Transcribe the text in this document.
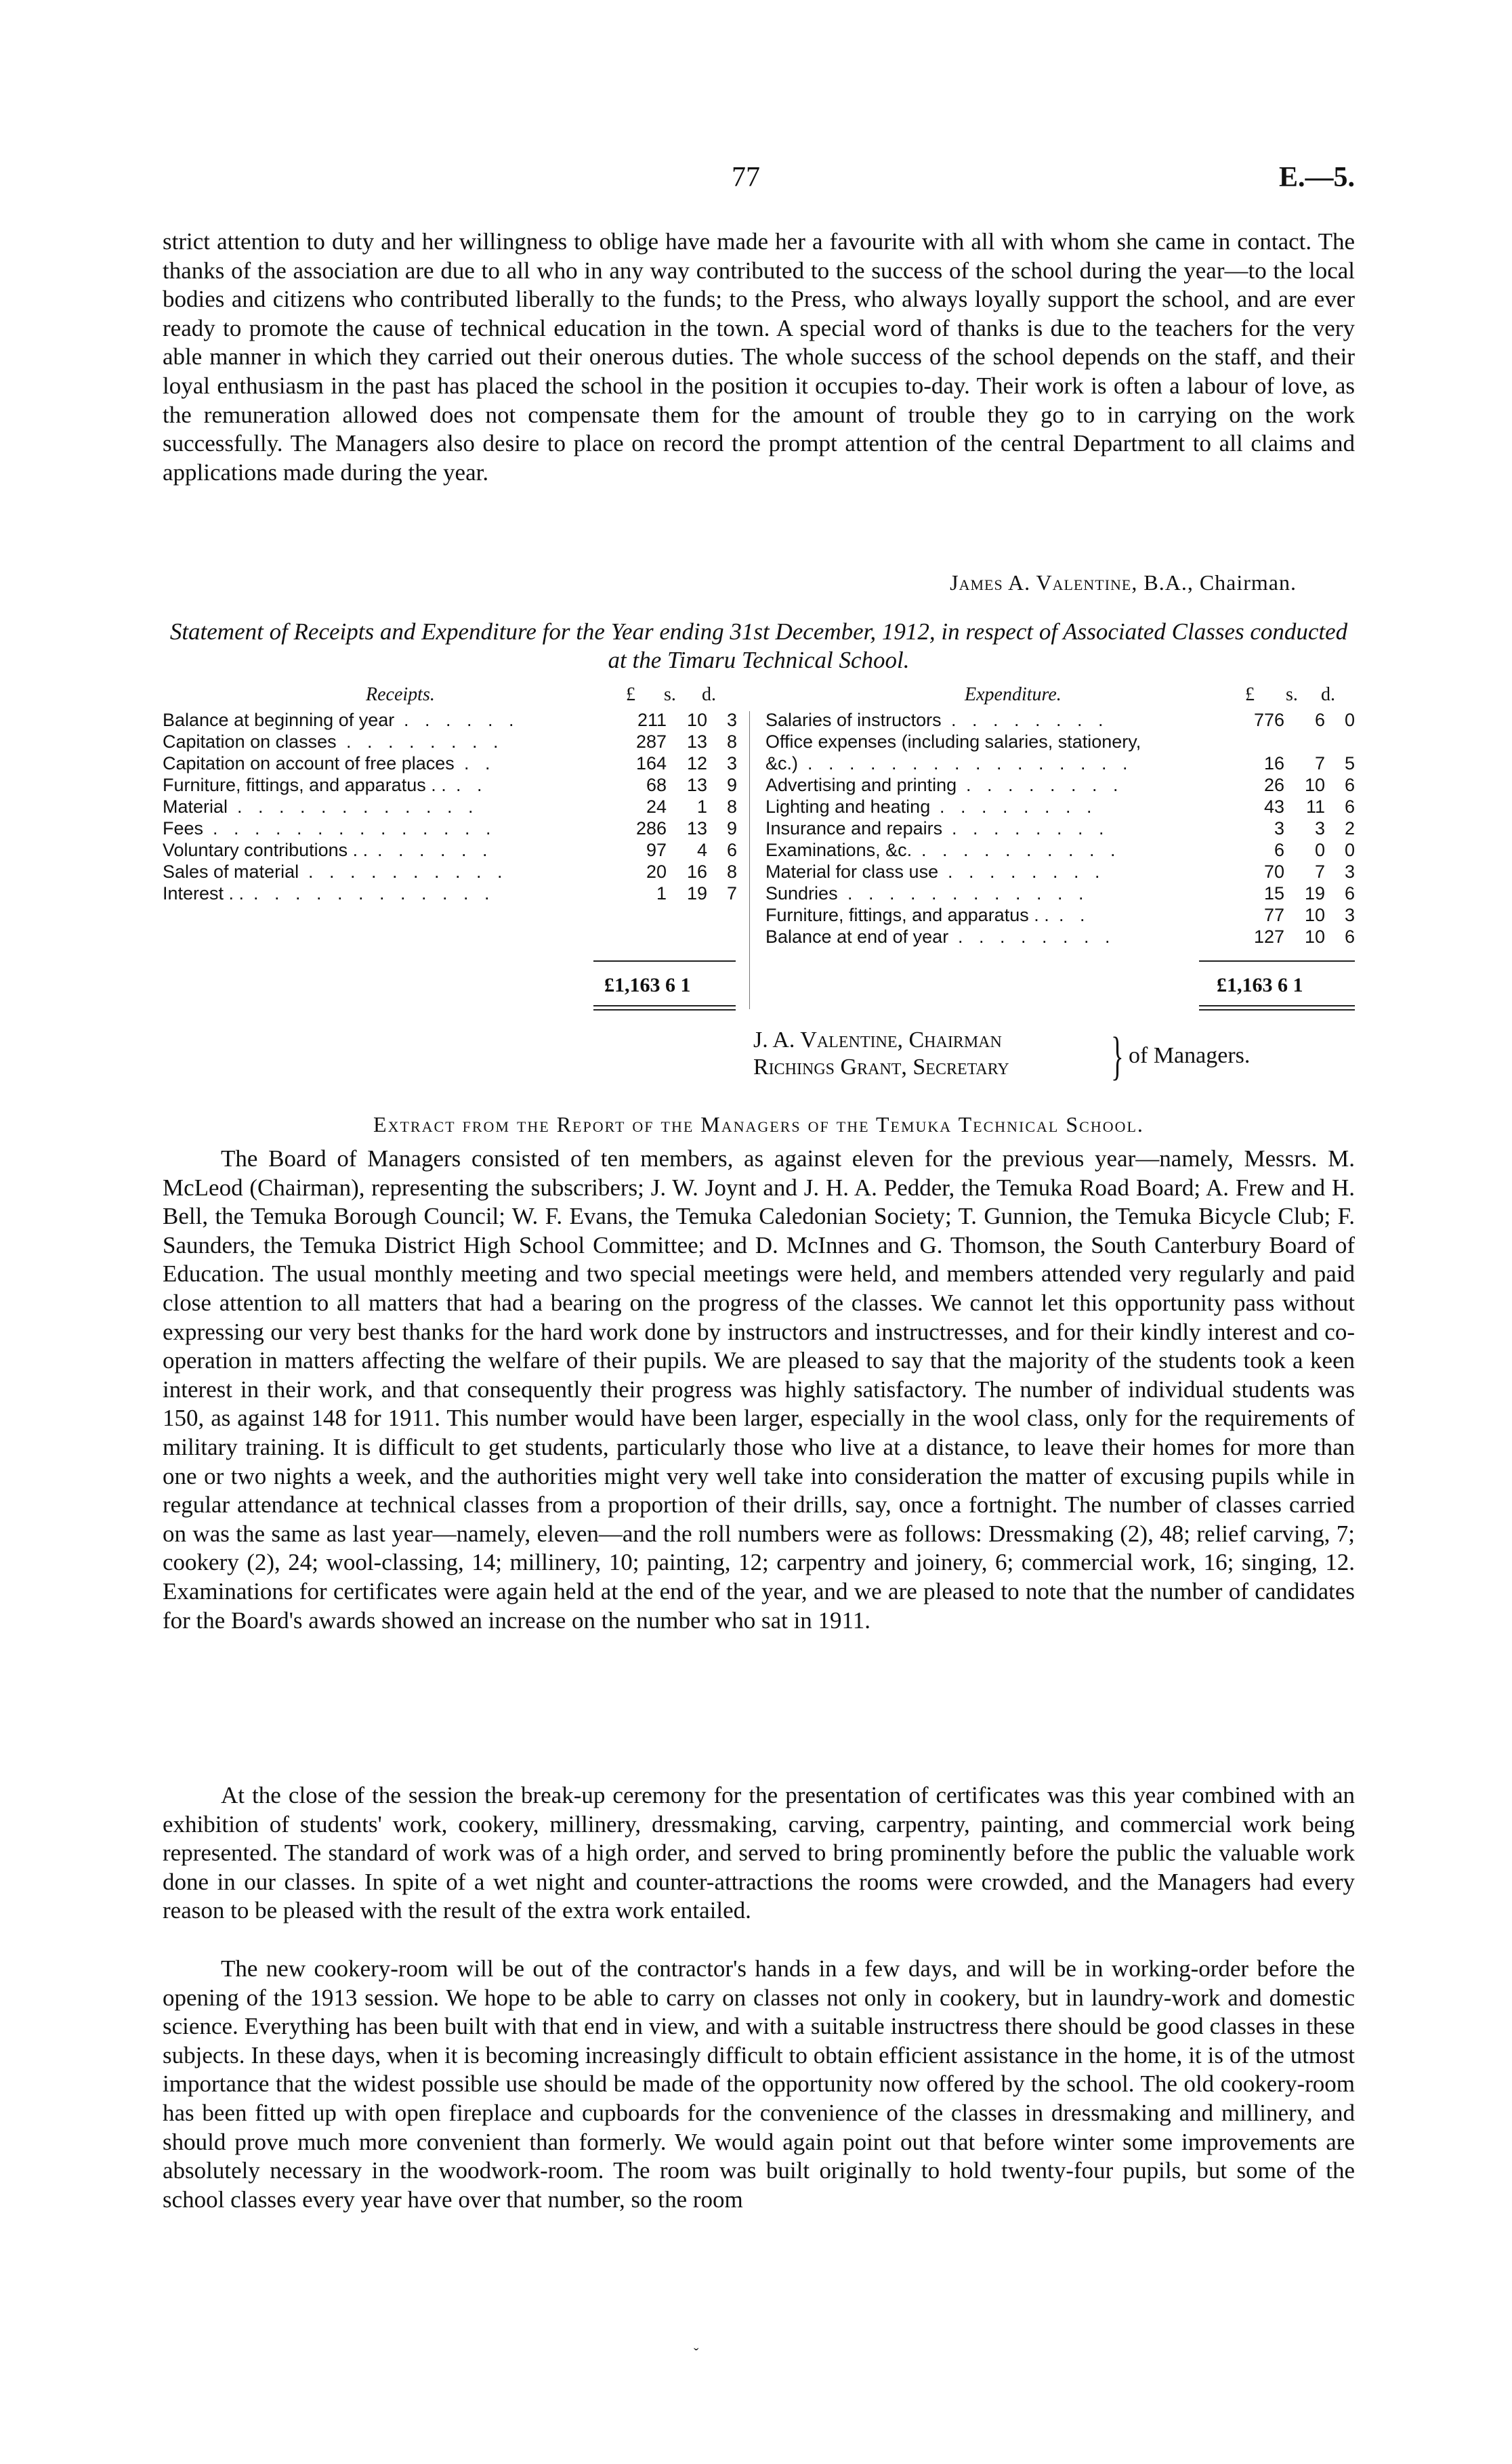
77	E.—5.

strict attention to duty and her willingness to oblige have made her a favourite with all with whom she came in contact. The thanks of the association are due to all who in any way contributed to the success of the school during the year—to the local bodies and citizens who contributed liberally to the funds; to the Press, who always loyally support the school, and are ever ready to promote the cause of technical education in the town. A special word of thanks is due to the teachers for the very able manner in which they carried out their onerous duties. The whole success of the school depends on the staff, and their loyal enthusiasm in the past has placed the school in the position it occupies to-day. Their work is often a labour of love, as the remuneration allowed does not compensate them for the amount of trouble they go to in carrying on the work successfully. The Managers also desire to place on record the prompt attention of the central Department to all claims and applications made during the year.

James A. Valentine, B.A., Chairman.

Statement of Receipts and Expenditure for the Year ending 31st December, 1912, in respect of Associated Classes conducted at the Timaru Technical School.
Receipts.	£ s. d.
Balance at beginning of year . . . . . .	211	10	3
Capitation on classes . . . . . . . .	287	13	8
Capitation on account of free places . .	164	12	3
Furniture, fittings, and apparatus . . . .	68	13	9
Material . . . . . . . . . . . .	24	1	8
Fees . . . . . . . . . . . . . .	286	13	9
Voluntary contributions . . . . . . . .	97	4	6
Sales of material . . . . . . . . . .	20	16	8
Interest . . . . . . . . . . . . . .	1	19	7
£1,163 6 1
Expenditure.	£ s. d.
Salaries of instructors . . . . . . . .	776	6	0
Office expenses (including salaries, stationery,
&c.) . . . . . . . . . . . . . . . .	16	7	5
Advertising and printing . . . . . . . .	26	10	6
Lighting and heating . . . . . . . .	43	11	6
Insurance and repairs . . . . . . . .	3	3	2
Examinations, &c. . . . . . . . . . .	6	0	0
Material for class use . . . . . . . .	70	7	3
Sundries . . . . . . . . . . . .	15	19	6
Furniture, fittings, and apparatus . . . .	77	10	3
Balance at end of year . . . . . . . .	127	10	6
£1,163 6 1
J. A. Valentine, Chairman
Richings Grant, Secretary } of Managers.
Extract from the Report of the Managers of the Temuka Technical School.

The Board of Managers consisted of ten members, as against eleven for the previous year—namely, Messrs. M. McLeod (Chairman), representing the subscribers; J. W. Joynt and J. H. A. Pedder, the Temuka Road Board; A. Frew and H. Bell, the Temuka Borough Council; W. F. Evans, the Temuka Caledonian Society; T. Gunnion, the Temuka Bicycle Club; F. Saunders, the Temuka District High School Committee; and D. McInnes and G. Thomson, the South Canterbury Board of Education. The usual monthly meeting and two special meetings were held, and members attended very regularly and paid close attention to all matters that had a bearing on the progress of the classes. We cannot let this opportunity pass without expressing our very best thanks for the hard work done by instructors and instructresses, and for their kindly interest and co-operation in matters affecting the welfare of their pupils. We are pleased to say that the majority of the students took a keen interest in their work, and that consequently their progress was highly satisfactory. The number of individual students was 150, as against 148 for 1911. This number would have been larger, especially in the wool class, only for the requirements of military training. It is difficult to get students, particularly those who live at a distance, to leave their homes for more than one or two nights a week, and the authorities might very well take into consideration the matter of excusing pupils while in regular attendance at technical classes from a proportion of their drills, say, once a fortnight. The number of classes carried on was the same as last year—namely, eleven—and the roll numbers were as follows: Dressmaking (2), 48; relief carving, 7; cookery (2), 24; wool-classing, 14; millinery, 10; painting, 12; carpentry and joinery, 6; commercial work, 16; singing, 12. Examinations for certificates were again held at the end of the year, and we are pleased to note that the number of candidates for the Board's awards showed an increase on the number who sat in 1911.

At the close of the session the break-up ceremony for the presentation of certificates was this year combined with an exhibition of students' work, cookery, millinery, dressmaking, carving, carpentry, painting, and commercial work being represented. The standard of work was of a high order, and served to bring prominently before the public the valuable work done in our classes. In spite of a wet night and counter-attractions the rooms were crowded, and the Managers had every reason to be pleased with the result of the extra work entailed.

The new cookery-room will be out of the contractor's hands in a few days, and will be in working-order before the opening of the 1913 session. We hope to be able to carry on classes not only in cookery, but in laundry-work and domestic science. Everything has been built with that end in view, and with a suitable instructress there should be good classes in these subjects. In these days, when it is becoming increasingly difficult to obtain efficient assistance in the home, it is of the utmost importance that the widest possible use should be made of the opportunity now offered by the school. The old cookery-room has been fitted up with open fireplace and cupboards for the convenience of the classes in dressmaking and millinery, and should prove much more convenient than formerly. We would again point out that before winter some improvements are absolutely necessary in the woodwork-room. The room was built originally to hold twenty-four pupils, but some of the school classes every year have over that number, so the room

ˇ
